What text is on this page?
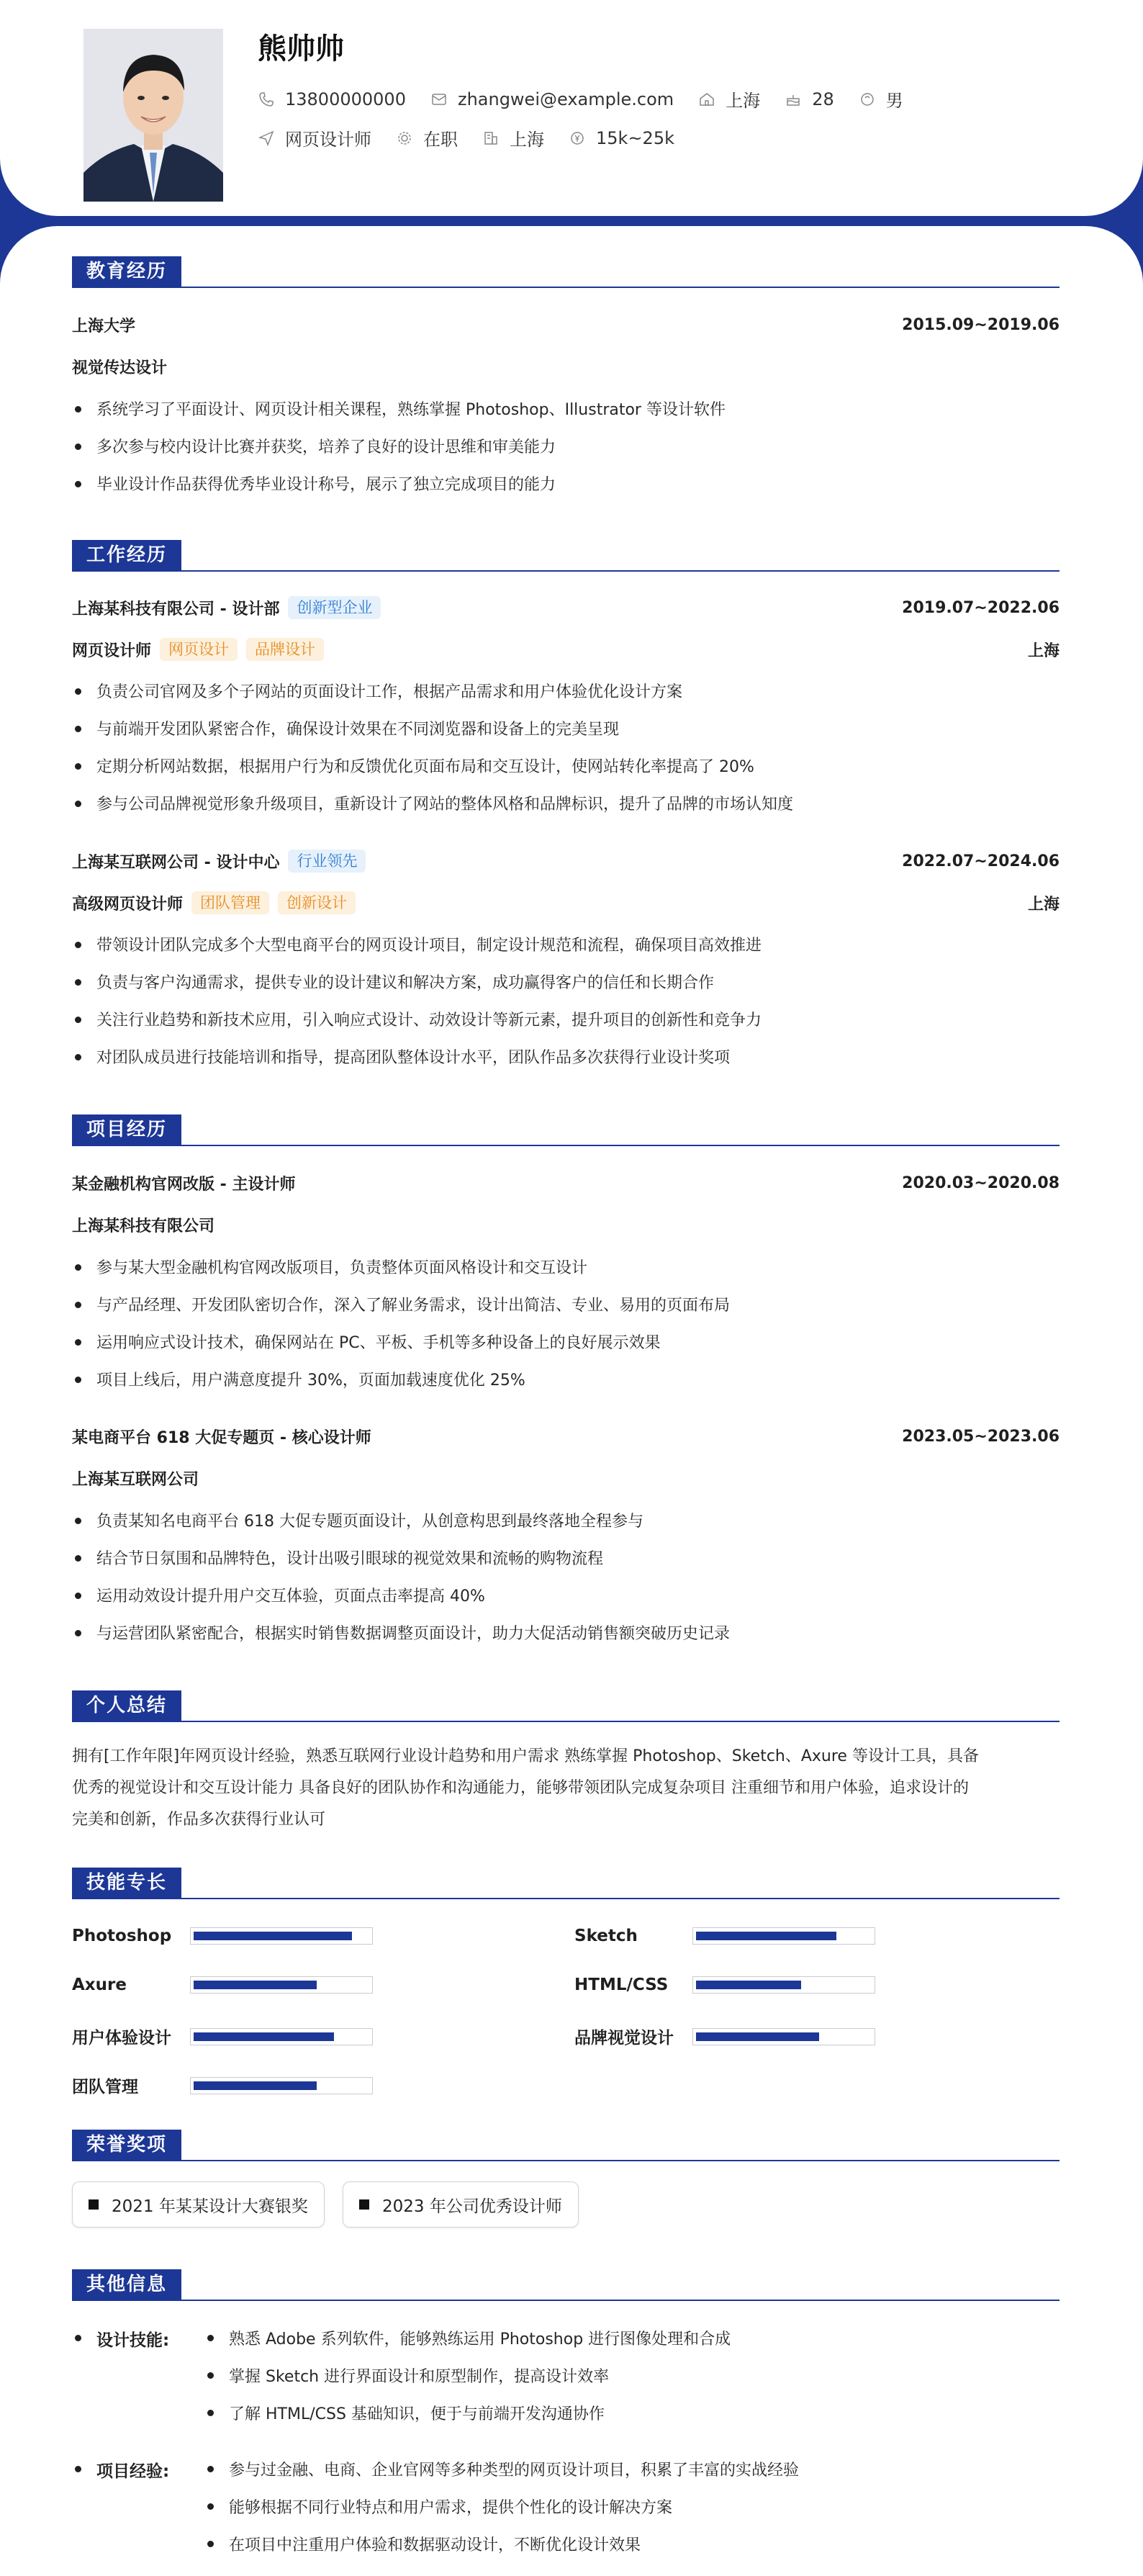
熊帅帅
13800000000	zhangwei@example.com	上海	28	男
网页设计师	在职	上海	15k~25k
教育经历
上海大学	2015.09~2019.06
视觉传达设计
系统学习了平面设计、网页设计相关课程，熟练掌握 Photoshop、Illustrator 等设计软件
多次参与校内设计比赛并获奖，培养了良好的设计思维和审美能力
毕业设计作品获得优秀毕业设计称号，展示了独立完成项目的能力
工作经历
上海某科技有限公司 - 设计部	创新型企业	2019.07~2022.06
网页设计师	网页设计	品牌设计	上海
负责公司官网及多个子网站的页面设计工作，根据产品需求和用户体验优化设计方案
与前端开发团队紧密合作，确保设计效果在不同浏览器和设备上的完美呈现
定期分析网站数据，根据用户行为和反馈优化页面布局和交互设计，使网站转化率提高了 20%
参与公司品牌视觉形象升级项目，重新设计了网站的整体风格和品牌标识，提升了品牌的市场认知度
上海某互联网公司 - 设计中心	行业领先	2022.07~2024.06
高级网页设计师	团队管理	创新设计	上海
带领设计团队完成多个大型电商平台的网页设计项目，制定设计规范和流程，确保项目高效推进
负责与客户沟通需求，提供专业的设计建议和解决方案，成功赢得客户的信任和长期合作
关注行业趋势和新技术应用，引入响应式设计、动效设计等新元素，提升项目的创新性和竞争力
对团队成员进行技能培训和指导，提高团队整体设计水平，团队作品多次获得行业设计奖项
项目经历
某金融机构官网改版 - 主设计师	2020.03~2020.08
上海某科技有限公司
参与某大型金融机构官网改版项目，负责整体页面风格设计和交互设计
与产品经理、开发团队密切合作，深入了解业务需求，设计出简洁、专业、易用的页面布局
运用响应式设计技术，确保网站在 PC、平板、手机等多种设备上的良好展示效果
项目上线后，用户满意度提升 30%，页面加载速度优化 25%
某电商平台 618 大促专题页 - 核心设计师	2023.05~2023.06
上海某互联网公司
负责某知名电商平台 618 大促专题页面设计，从创意构思到最终落地全程参与
结合节日氛围和品牌特色，设计出吸引眼球的视觉效果和流畅的购物流程
运用动效设计提升用户交互体验，页面点击率提高 40%
与运营团队紧密配合，根据实时销售数据调整页面设计，助力大促活动销售额突破历史记录
个人总结
拥有[工作年限]年网页设计经验，熟悉互联网行业设计趋势和用户需求 熟练掌握 Photoshop、Sketch、Axure 等设计工具，具备
优秀的视觉设计和交互设计能力 具备良好的团队协作和沟通能力，能够带领团队完成复杂项目 注重细节和用户体验，追求设计的
完美和创新，作品多次获得行业认可
技能专长
Photoshop	Sketch
Axure	HTML/CSS
用户体验设计	品牌视觉设计
团队管理
荣誉奖项
2021 年某某设计大赛银奖	2023 年公司优秀设计师
其他信息
设计技能:	熟悉 Adobe 系列软件，能够熟练运用 Photoshop 进行图像处理和合成
掌握 Sketch 进行界面设计和原型制作，提高设计效率
了解 HTML/CSS 基础知识，便于与前端开发沟通协作
项目经验:	参与过金融、电商、企业官网等多种类型的网页设计项目，积累了丰富的实战经验
能够根据不同行业特点和用户需求，提供个性化的设计解决方案
在项目中注重用户体验和数据驱动设计，不断优化设计效果
